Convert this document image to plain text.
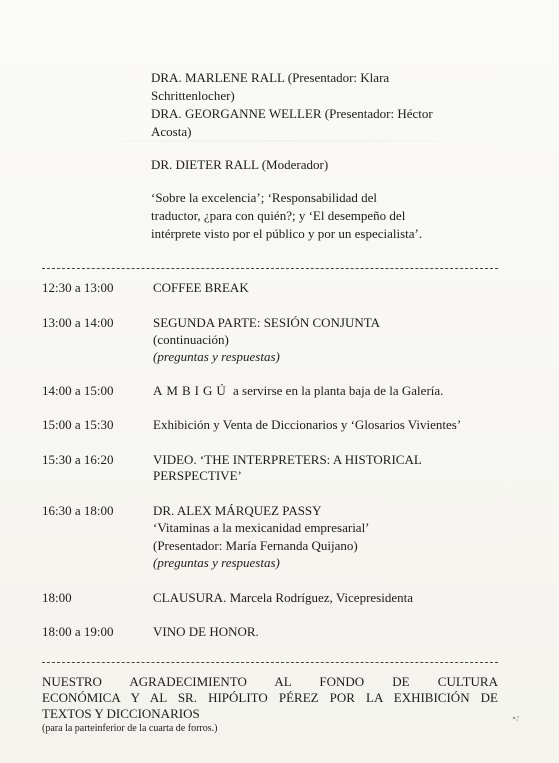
DRA. MARLENE RALL (Presentador: Klara
Schrittenlocher)
DRA. GEORGANNE WELLER (Presentador: Héctor
Acosta)
DR. DIETER RALL (Moderador)
‘Sobre la excelencia’; ‘Responsabilidad del
traductor, ¿para con quién?; y ‘El desempeño del
intérprete visto por el público y por un especialista’.
12:30 a 13:00	COFFEE BREAK
13:00 a 14:00	SEGUNDA PARTE: SESIÓN CONJUNTA
(continuación)
(preguntas y respuestas)
14:00 a 15:00	AMBIGÚ a servirse en la planta baja de la Galería.
15:00 a 15:30	Exhibición y Venta de Diccionarios y ‘Glosarios Vivientes’
15:30 a 16:20	VIDEO. ‘THE INTERPRETERS: A HISTORICAL
PERSPECTIVE’
16:30 a 18:00	DR. ALEX MÁRQUEZ PASSY
‘Vitaminas a la mexicanidad empresarial’
(Presentador: María Fernanda Quijano)
(preguntas y respuestas)
18:00	CLAUSURA. Marcela Rodríguez, Vicepresidenta
18:00 a 19:00	VINO DE HONOR.
NUESTRO AGRADECIMIENTO AL FONDO DE CULTURA
ECONÓMICA Y AL SR. HIPÓLITO PÉREZ POR LA EXHIBICIÓN DE
TEXTOS Y DICCIONARIOS
(para la parteinferior de la cuarta de forros.)
